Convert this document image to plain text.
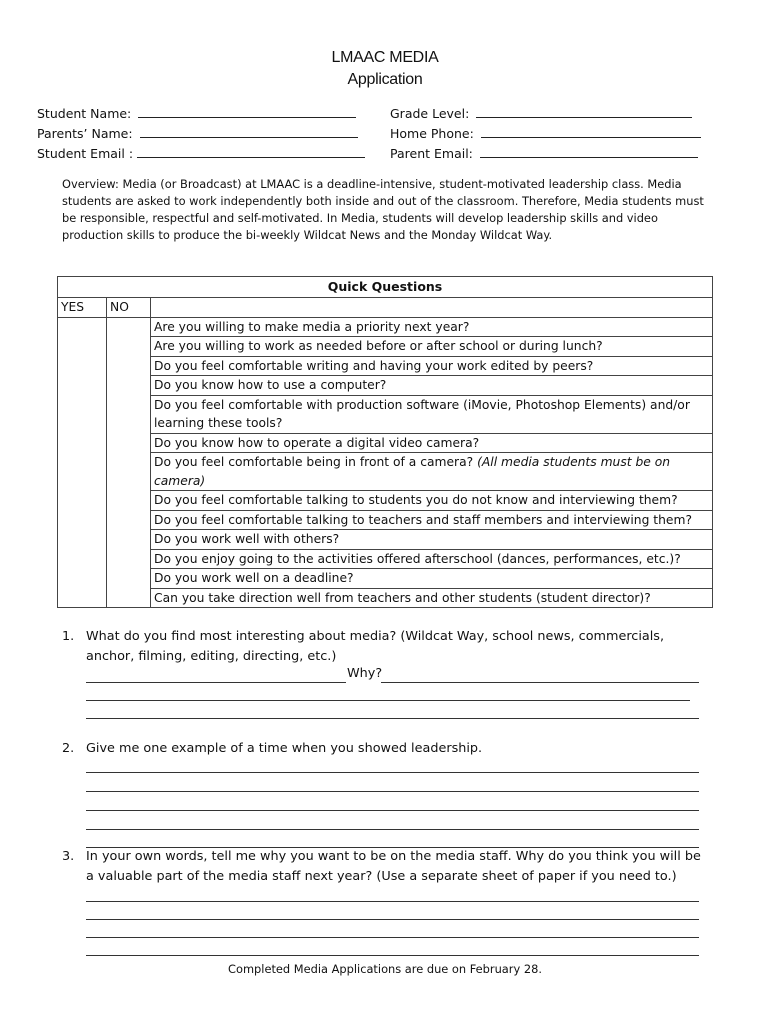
LMAAC MEDIA
Application
Student Name:
Parents’ Name:
Student Email :
Grade Level:
Home Phone:
Parent Email:
Overview: Media (or Broadcast) at LMAAC is a deadline-intensive, student-motivated leadership class. Media students are asked to work independently both inside and out of the classroom. Therefore, Media students must be responsible, respectful and self-motivated. In Media, students will develop leadership skills and video production skills to produce the bi-weekly Wildcat News and the Monday Wildcat Way.
Quick Questions		
YES	NO	
		Are you willing to make media a priority next year?
		Are you willing to work as needed before or after school or during lunch?
		Do you feel comfortable writing and having your work edited by peers?
		Do you know how to use a computer?
		Do you feel comfortable with production software (iMovie, Photoshop Elements) and/or learning these tools?
		Do you know how to operate a digital video camera?
		Do you feel comfortable being in front of a camera? (All media students must be on camera)
		Do you feel comfortable talking to students you do not know and interviewing them?
		Do you feel comfortable talking to teachers and staff members and interviewing them?
		Do you work well with others?
		Do you enjoy going to the activities offered afterschool (dances, performances, etc.)?
		Do you work well on a deadline?
		Can you take direction well from teachers and other students (student director)?
1. What do you find most interesting about media? (Wildcat Way, school news, commercials, anchor, filming, editing, directing, etc.)
Why?
2. Give me one example of a time when you showed leadership.
3. In your own words, tell me why you want to be on the media staff. Why do you think you will be a valuable part of the media staff next year? (Use a separate sheet of paper if you need to.)
Completed Media Applications are due on February 28.
